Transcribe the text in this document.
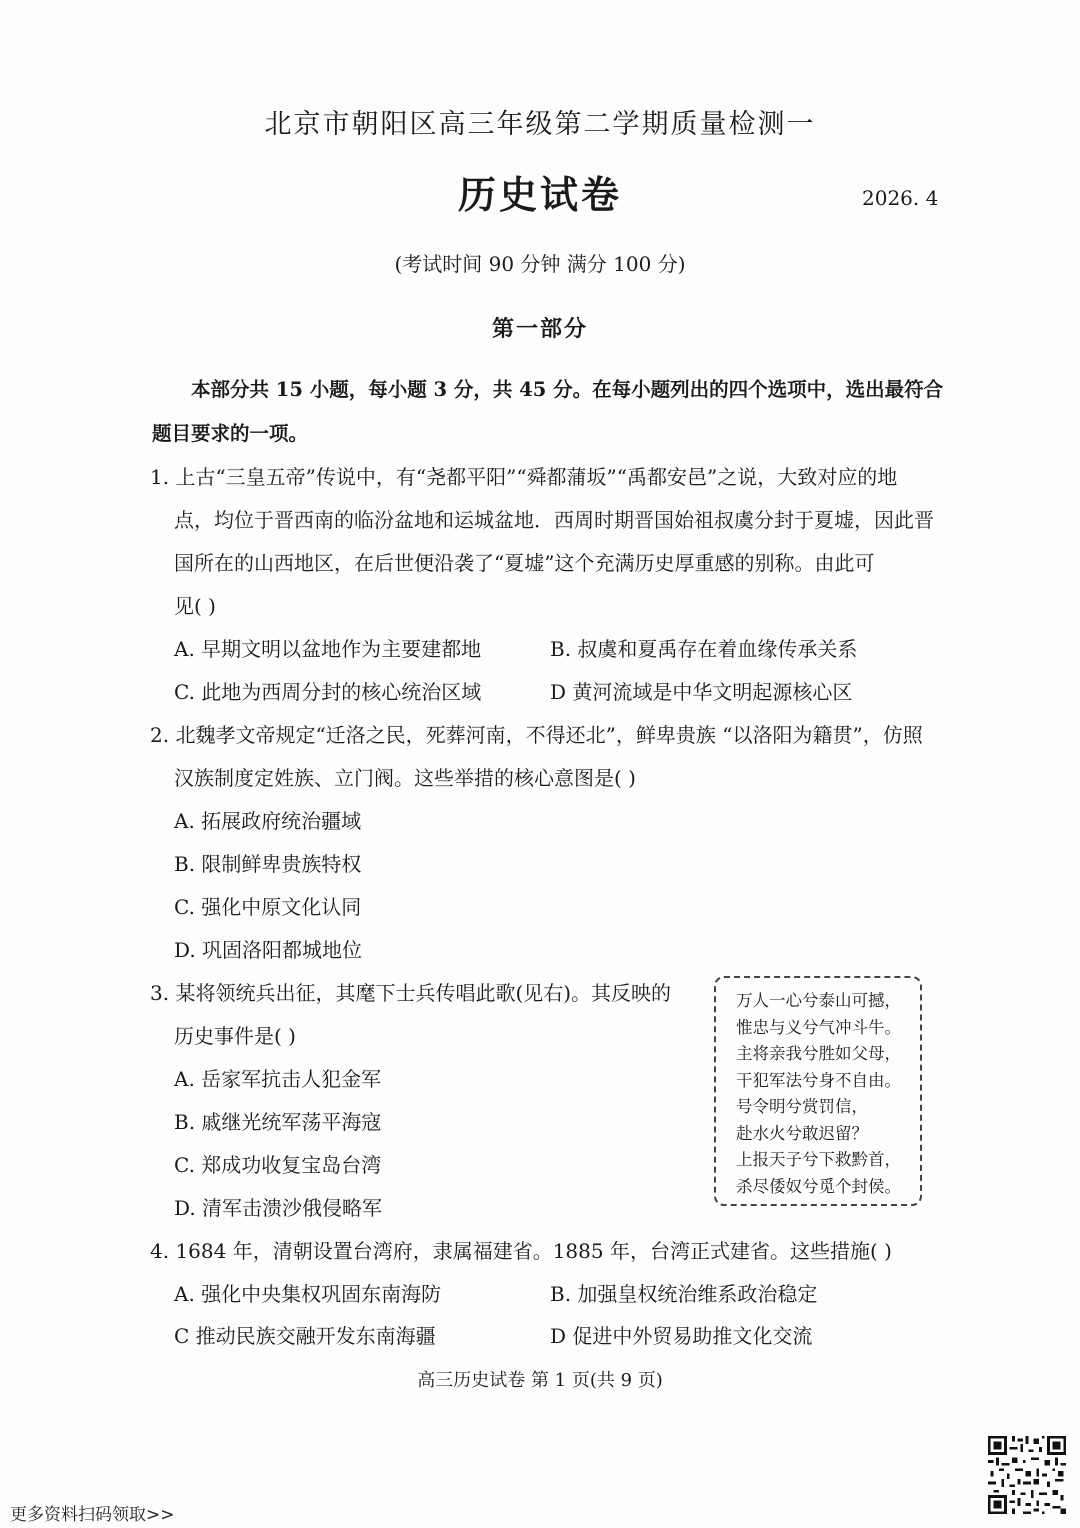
北京市朝阳区高三年级第二学期质量检测一
历史试卷	2026. 4
(考试时间 90 分钟 满分 100 分)
第一部分
本部分共 15 小题，每小题 3 分，共 45 分。在每小题列出的四个选项中，选出最符合
题目要求的一项。
1. 上古“三皇五帝”传说中，有“尧都平阳”“舜都蒲坂”“禹都安邑”之说，大致对应的地
点，均位于晋西南的临汾盆地和运城盆地．西周时期晋国始祖叔虞分封于夏墟，因此晋
国所在的山西地区，在后世便沿袭了“夏墟”这个充满历史厚重感的别称。由此可
见( )
A. 早期文明以盆地作为主要建都地	B. 叔虞和夏禹存在着血缘传承关系
C. 此地为西周分封的核心统治区域	D 黄河流域是中华文明起源核心区
2. 北魏孝文帝规定“迁洛之民，死葬河南，不得还北”，鲜卑贵族 “以洛阳为籍贯”，仿照
汉族制度定姓族、立门阀。这些举措的核心意图是( )
A. 拓展政府统治疆域
B. 限制鲜卑贵族特权
C. 强化中原文化认同
D. 巩固洛阳都城地位
3. 某将领统兵出征，其麾下士兵传唱此歌(见右)。其反映的
历史事件是( )
A. 岳家军抗击人犯金军
B. 戚继光统军荡平海寇
C. 郑成功收复宝岛台湾
D. 清军击溃沙俄侵略军
万人一心兮泰山可撼，
惟忠与义兮气冲斗牛。
主将亲我兮胜如父母，
干犯军法兮身不自由。
号令明兮赏罚信，
赴水火兮敢迟留？
上报天子兮下救黔首，
杀尽倭奴兮觅个封侯。
4. 1684 年，清朝设置台湾府，隶属福建省。1885 年，台湾正式建省。这些措施( )
A. 强化中央集权巩固东南海防	B. 加强皇权统治维系政治稳定
C 推动民族交融开发东南海疆	D 促进中外贸易助推文化交流
高三历史试卷 第 1 页(共 9 页)
更多资料扫码领取>>
